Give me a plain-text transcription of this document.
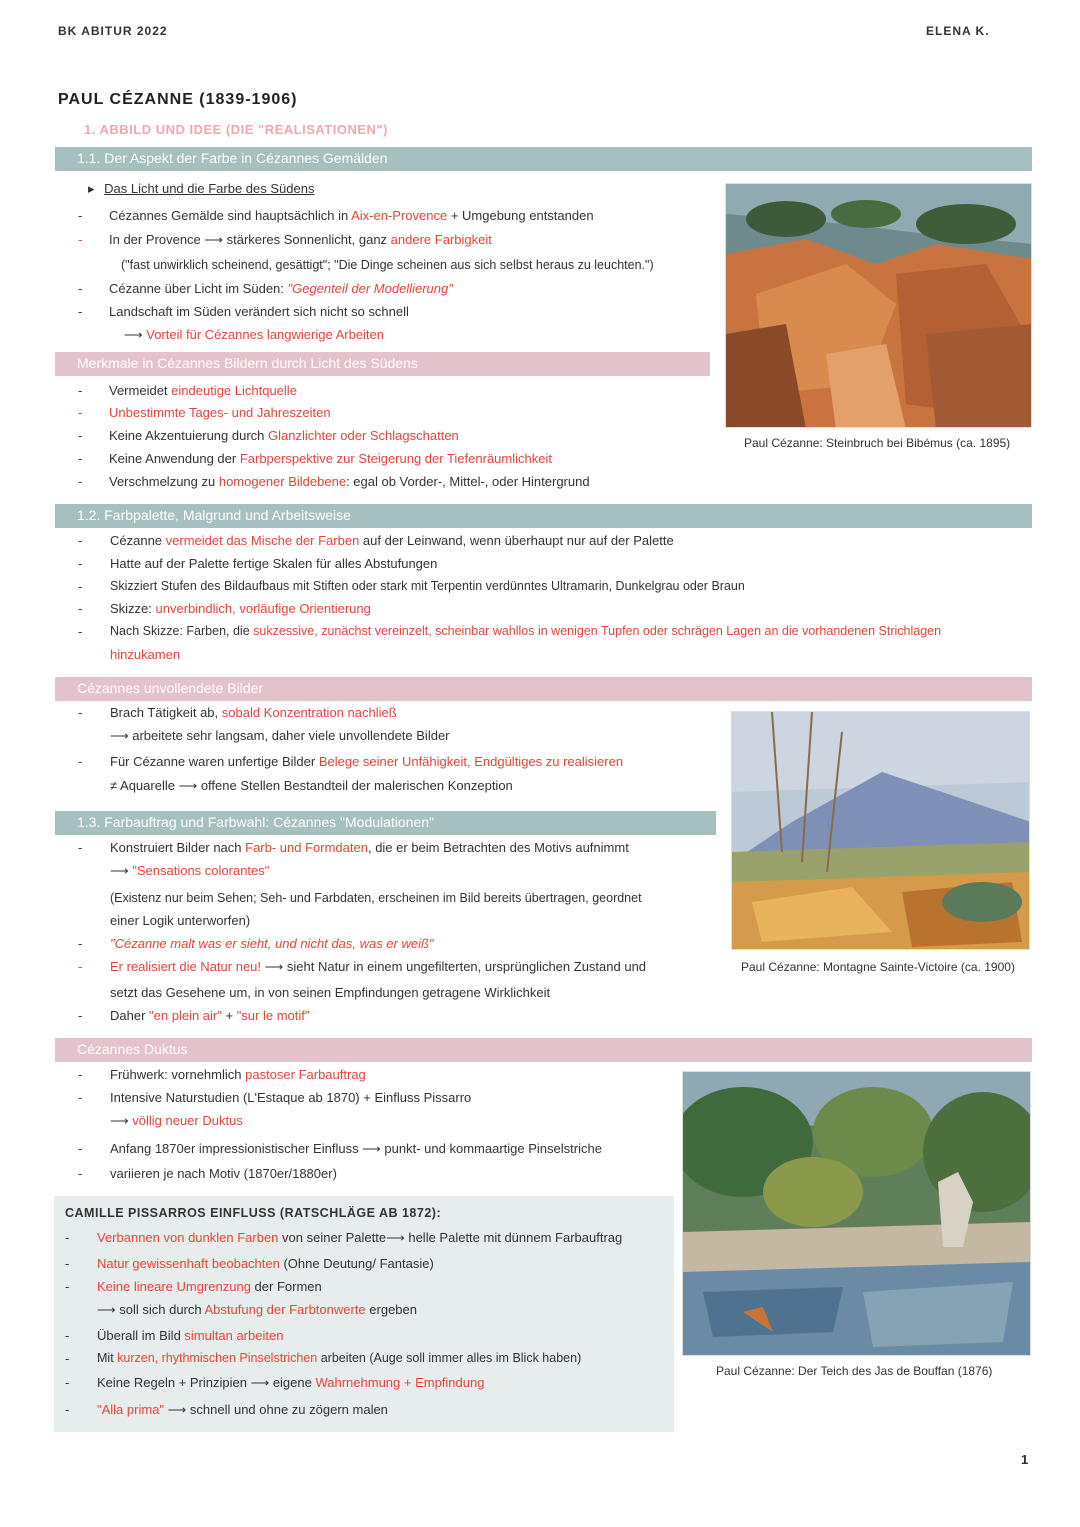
BK ABITUR 2022	ELENA K.
PAUL CÉZANNE (1839-1906)
1. ABBILD UND IDEE (DIE "REALISATIONEN")
1.1. Der Aspekt der Farbe in Cézannes Gemälden
▸ Das Licht und die Farbe des Südens
- Cézannes Gemälde sind hauptsächlich in Aix-en-Provence + Umgebung entstanden
- In der Provence ⟶ stärkeres Sonnenlicht, ganz andere Farbigkeit
("fast unwirklich scheinend, gesättigt"; "Die Dinge scheinen aus sich selbst heraus zu leuchten.")
- Cézanne über Licht im Süden: "Gegenteil der Modellierung"
- Landschaft im Süden verändert sich nicht so schnell
⟶ Vorteil für Cézannes langwierige Arbeiten
Merkmale in Cézannes Bildern durch Licht des Südens
- Vermeidet eindeutige Lichtquelle
- Unbestimmte Tages- und Jahreszeiten
- Keine Akzentuierung durch Glanzlichter oder Schlagschatten
- Keine Anwendung der Farbperspektive zur Steigerung der Tiefenräumlichkeit
- Verschmelzung zu homogener Bildebene: egal ob Vorder-, Mittel-, oder Hintergrund
Paul Cézanne: Steinbruch bei Bibémus (ca. 1895)
1.2. Farbpalette, Malgrund und Arbeitsweise
- Cézanne vermeidet das Mische der Farben auf der Leinwand, wenn überhaupt nur auf der Palette
- Hatte auf der Palette fertige Skalen für alles Abstufungen
- Skizziert Stufen des Bildaufbaus mit Stiften oder stark mit Terpentin verdünntes Ultramarin, Dunkelgrau oder Braun
- Skizze: unverbindlich, vorläufige Orientierung
- Nach Skizze: Farben, die sukzessive, zunächst vereinzelt, scheinbar wahllos in wenigen Tupfen oder schrägen Lagen an die vorhandenen Strichlagen
hinzukamen
Cézannes unvollendete Bilder
- Brach Tätigkeit ab, sobald Konzentration nachließ
⟶ arbeitete sehr langsam, daher viele unvollendete Bilder
- Für Cézanne waren unfertige Bilder Belege seiner Unfähigkeit, Endgültiges zu realisieren
≠ Aquarelle ⟶ offene Stellen Bestandteil der malerischen Konzeption
1.3. Farbauftrag und Farbwahl: Cézannes "Modulationen"
- Konstruiert Bilder nach Farb- und Formdaten, die er beim Betrachten des Motivs aufnimmt
⟶ "Sensations colorantes"
(Existenz nur beim Sehen; Seh- und Farbdaten, erscheinen im Bild bereits übertragen, geordnet
einer Logik unterworfen)
- "Cézanne malt was er sieht, und nicht das, was er weiß"
- Er realisiert die Natur neu! ⟶ sieht Natur in einem ungefilterten, ursprünglichen Zustand und
setzt das Gesehene um, in von seinen Empfindungen getragene Wirklichkeit
- Daher "en plein air" + "sur le motif"
Paul Cézanne: Montagne Sainte-Victoire (ca. 1900)
Cézannes Duktus
- Frühwerk: vornehmlich pastoser Farbauftrag
- Intensive Naturstudien (L'Estaque ab 1870) + Einfluss Pissarro
⟶ völlig neuer Duktus
- Anfang 1870er impressionistischer Einfluss ⟶ punkt- und kommaartige Pinselstriche
- variieren je nach Motiv (1870er/1880er)
CAMILLE PISSARROS EINFLUSS (RATSCHLÄGE AB 1872):
- Verbannen von dunklen Farben von seiner Palette⟶ helle Palette mit dünnem Farbauftrag
- Natur gewissenhaft beobachten (Ohne Deutung/ Fantasie)
- Keine lineare Umgrenzung der Formen
⟶ soll sich durch Abstufung der Farbtonwerte ergeben
- Überall im Bild simultan arbeiten
- Mit kurzen, rhythmischen Pinselstrichen arbeiten (Auge soll immer alles im Blick haben)
- Keine Regeln + Prinzipien ⟶ eigene Wahrnehmung + Empfindung
- "Alla prima" ⟶ schnell und ohne zu zögern malen
Paul Cézanne: Der Teich des Jas de Bouffan (1876)
1
